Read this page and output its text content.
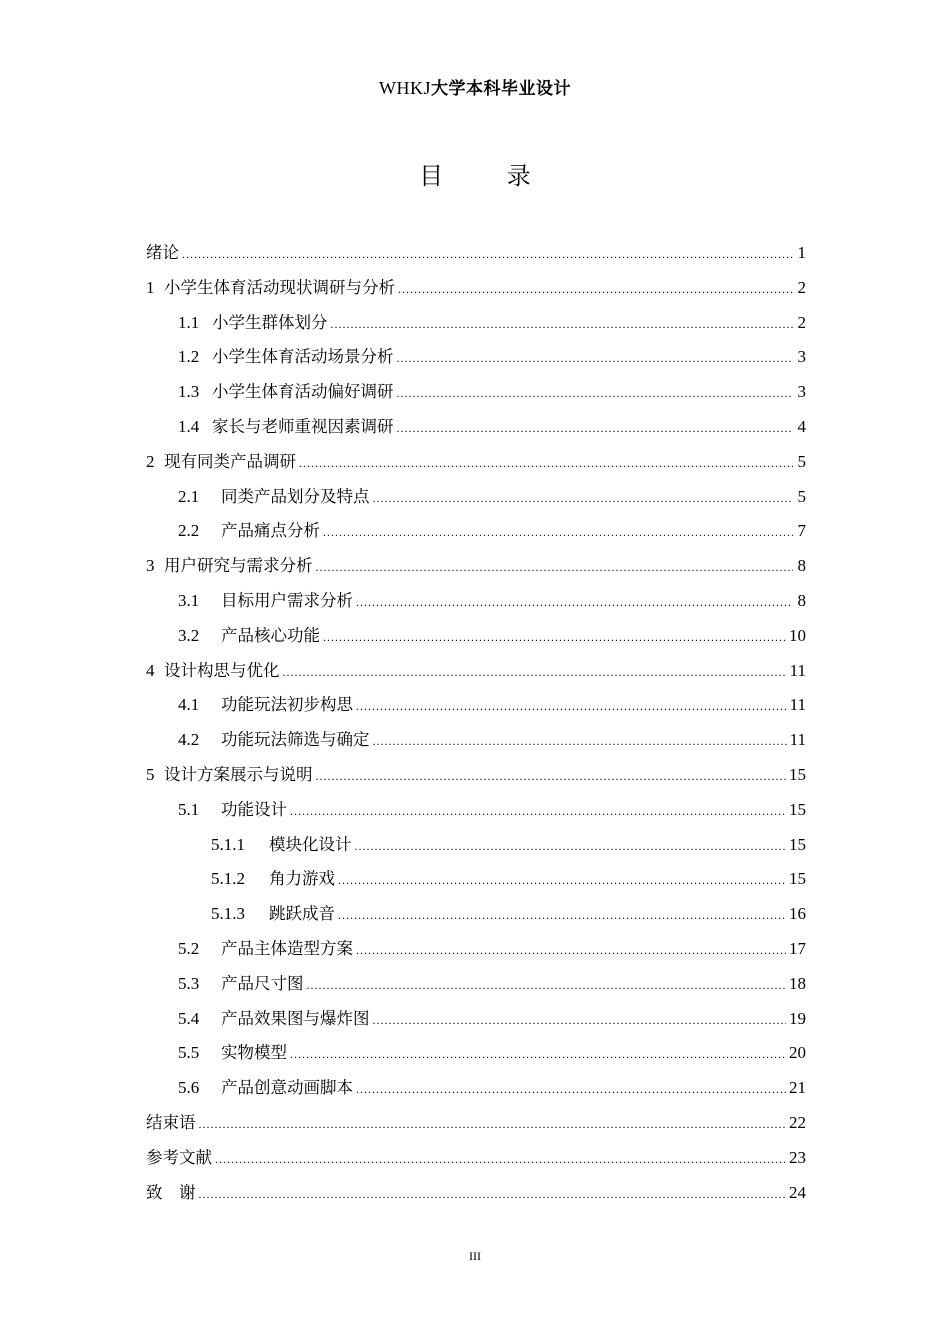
WHKJ大学本科毕业设计
目 录
绪论 .....	1
1 小学生体育活动现状调研与分析 .....	2
1.1 小学生群体划分 .....	2
1.2 小学生体育活动场景分析 .....	3
1.3 小学生体育活动偏好调研 .....	3
1.4 家长与老师重视因素调研 .....	4
2 现有同类产品调研 .....	5
2.1	同类产品划分及特点 .....	5
2.2	产品痛点分析 .....	7
3 用户研究与需求分析 .....	8
3.1	目标用户需求分析 .....	8
3.2	产品核心功能 .....	10
4 设计构思与优化 .....	11
4.1	功能玩法初步构思 .....	11
4.2	功能玩法筛选与确定 .....	11
5 设计方案展示与说明 .....	15
5.1	功能设计 .....	15
5.1.1	模块化设计 .....	15
5.1.2	角力游戏 .....	15
5.1.3	跳跃成音 .....	16
5.2	产品主体造型方案 .....	17
5.3	产品尺寸图 .....	18
5.4	产品效果图与爆炸图 .....	19
5.5	实物模型 .....	20
5.6	产品创意动画脚本 .....	21
结束语 .....	22
参考文献 .....	23
致　谢 .....	24
III
